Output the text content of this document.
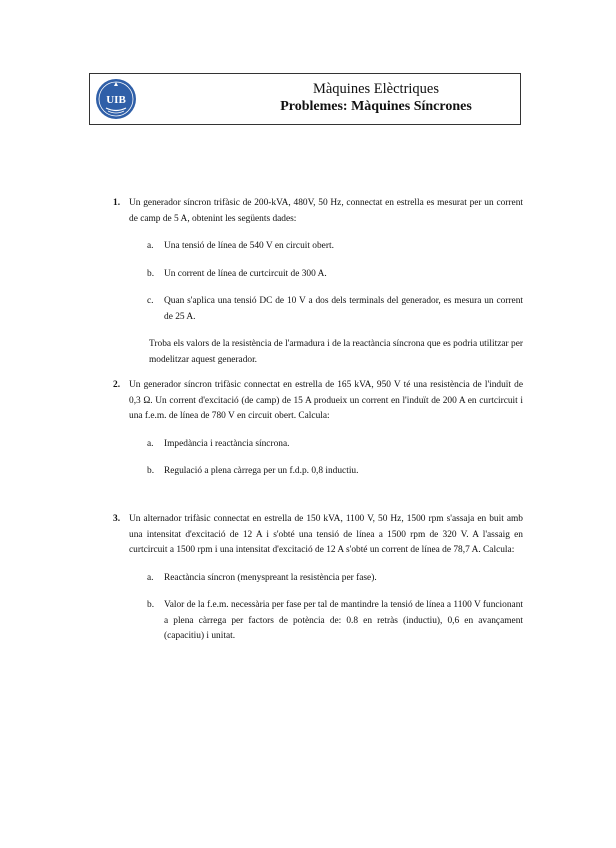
UIB
Màquines Elèctriques
Problemes: Màquines Síncrones
1. Un generador síncron trifàsic de 200-kVA, 480V, 50 Hz, connectat en estrella es mesurat per un corrent de camp de 5 A, obtenint les següents dades:
a. Una tensió de línea de 540 V en circuit obert.
b. Un corrent de línea de curtcircuit de 300 A.
c. Quan s'aplica una tensió DC de 10 V a dos dels terminals del generador, es mesura un corrent de 25 A.
Troba els valors de la resistència de l'armadura i de la reactància síncrona que es podria utilitzar per modelitzar aquest generador.
2. Un generador síncron trifàsic connectat en estrella de 165 kVA, 950 V té una resistència de l'induït de 0,3 Ω. Un corrent d'excitació (de camp) de 15 A produeix un corrent en l'induït de 200 A en curtcircuit i una f.e.m. de línea de 780 V en circuit obert. Calcula:
a. Impedància i reactància síncrona.
b. Regulació a plena càrrega per un f.d.p. 0,8 inductiu.
3. Un alternador trifàsic connectat en estrella de 150 kVA, 1100 V, 50 Hz, 1500 rpm s'assaja en buit amb una intensitat d'excitació de 12 A i s'obté una tensió de línea a 1500 rpm de 320 V. A l'assaig en curtcircuit a 1500 rpm i una intensitat d'excitació de 12 A s'obté un corrent de línea de 78,7 A. Calcula:
a. Reactància síncron (menyspreant la resistència per fase).
b. Valor de la f.e.m. necessària per fase per tal de mantindre la tensió de línea a 1100 V funcionant a plena càrrega per factors de potència de: 0.8 en retràs (inductiu), 0,6 en avançament (capacitiu) i unitat.
